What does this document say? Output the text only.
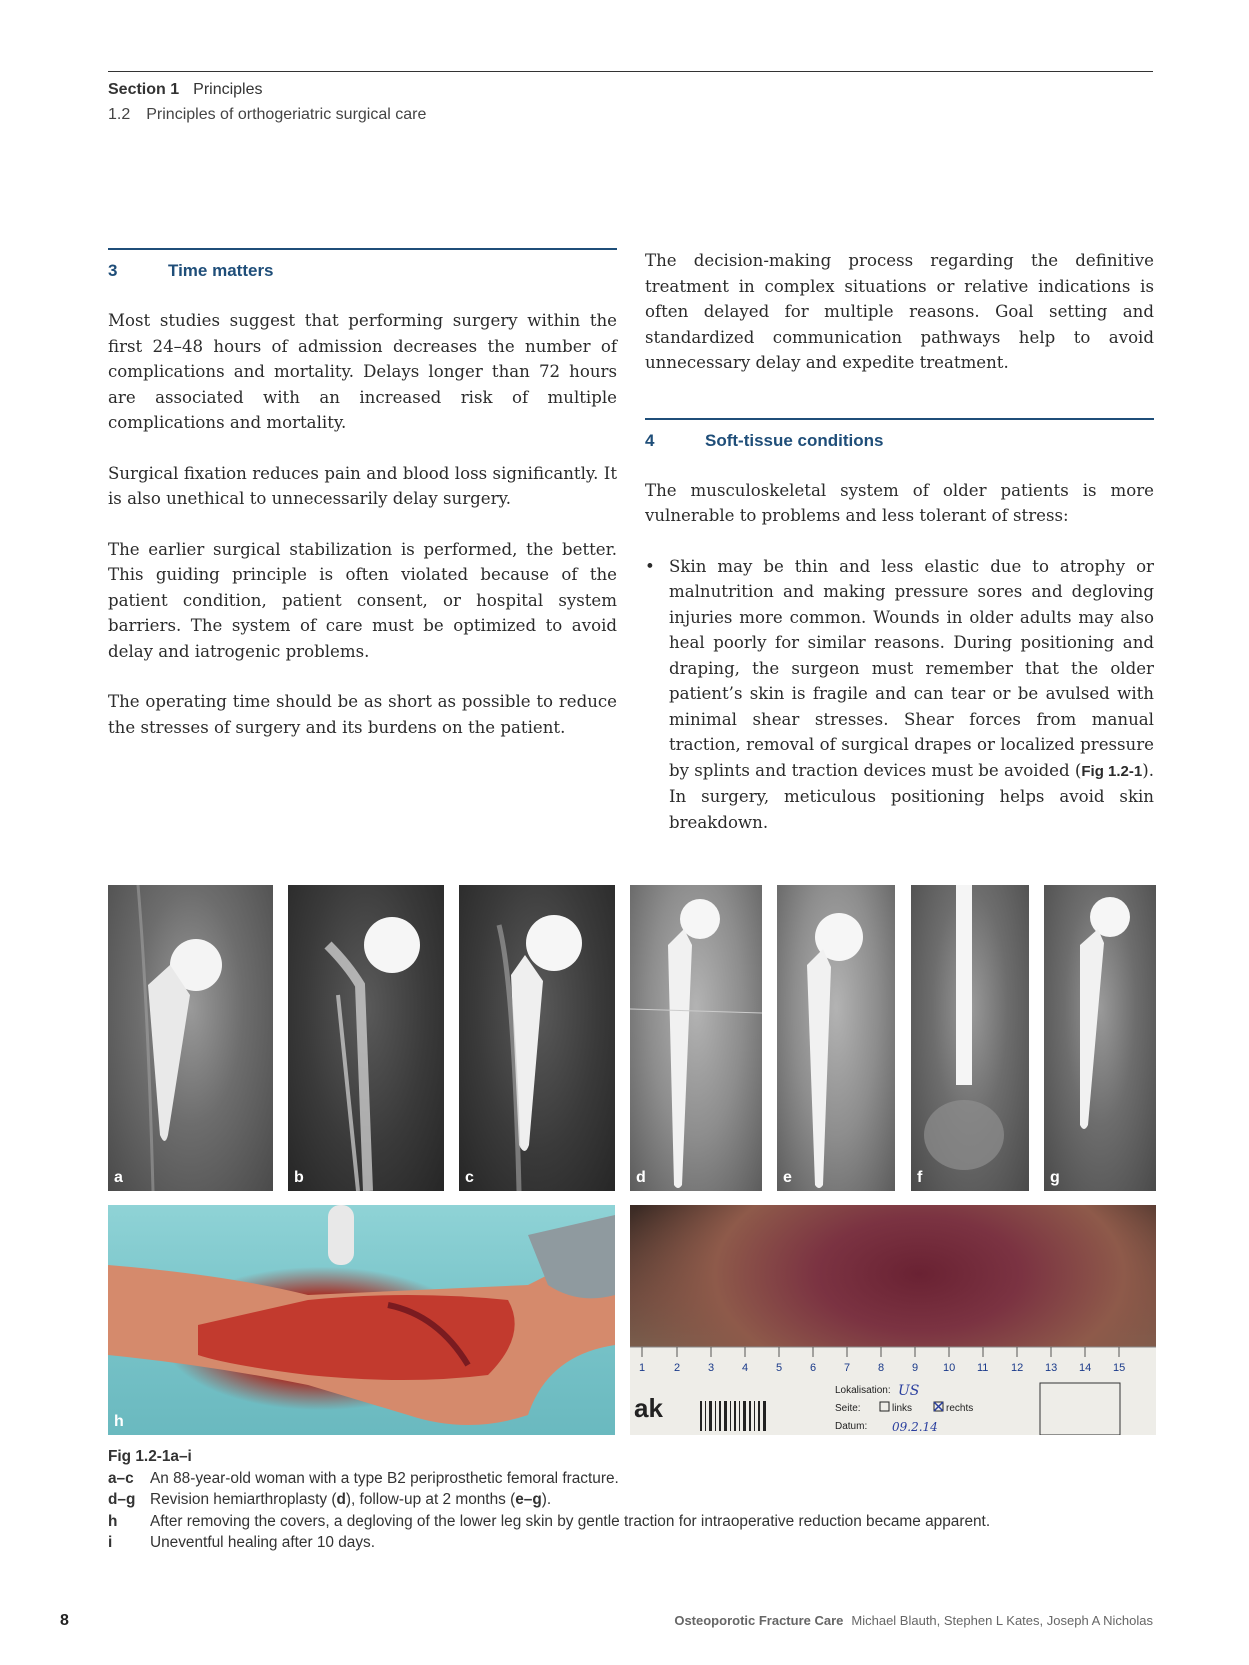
Section 1 Principles
1.2 Principles of orthogeriatric surgical care
3	Time matters

Most studies suggest that performing surgery within the first 24–48 hours of admission decreases the number of complications and mortality. Delays longer than 72 hours are associated with an increased risk of multiple complications and mortality.

Surgical fixation reduces pain and blood loss significantly. It is also unethical to unnecessarily delay surgery.

The earlier surgical stabilization is performed, the better. This guiding principle is often violated because of the patient condition, patient consent, or hospital system barriers. The system of care must be optimized to avoid delay and iatrogenic problems.

The operating time should be as short as possible to reduce the stresses of surgery and its burdens on the patient.

The decision-making process regarding the definitive treatment in complex situations or relative indications is often delayed for multiple reasons. Goal setting and standardized communication pathways help to avoid unnecessary delay and expedite treatment.

4	Soft-tissue conditions

The musculoskeletal system of older patients is more vulnerable to problems and less tolerant of stress:

• Skin may be thin and less elastic due to atrophy or malnutrition and making pressure sores and degloving injuries more common. Wounds in older adults may also heal poorly for similar reasons. During positioning and draping, the surgeon must remember that the older patient’s skin is fragile and can tear or be avulsed with minimal shear stresses. Shear forces from manual traction, removal of surgical drapes or localized pressure by splints and traction devices must be avoided (Fig 1.2-1). In surgery, meticulous positioning helps avoid skin breakdown.
a	b	c	d	e	f	g
h
1	2	3	4	5	6	7	8	9 10 11 12 13 14 15
ak
Lokalisation:
Seite:	links	rechts
Datum:
US
09.2.14
Fig 1.2-1a–i
a–c	An 88-year-old woman with a type B2 periprosthetic femoral fracture.
d–g Revision hemiarthroplasty (d), follow-up at 2 months (e–g).
h	After removing the covers, a degloving of the lower leg skin by gentle traction for intraoperative reduction became apparent.
i	Uneventful healing after 10 days.
8	Osteoporotic Fracture Care Michael Blauth, Stephen L Kates, Joseph A Nicholas
